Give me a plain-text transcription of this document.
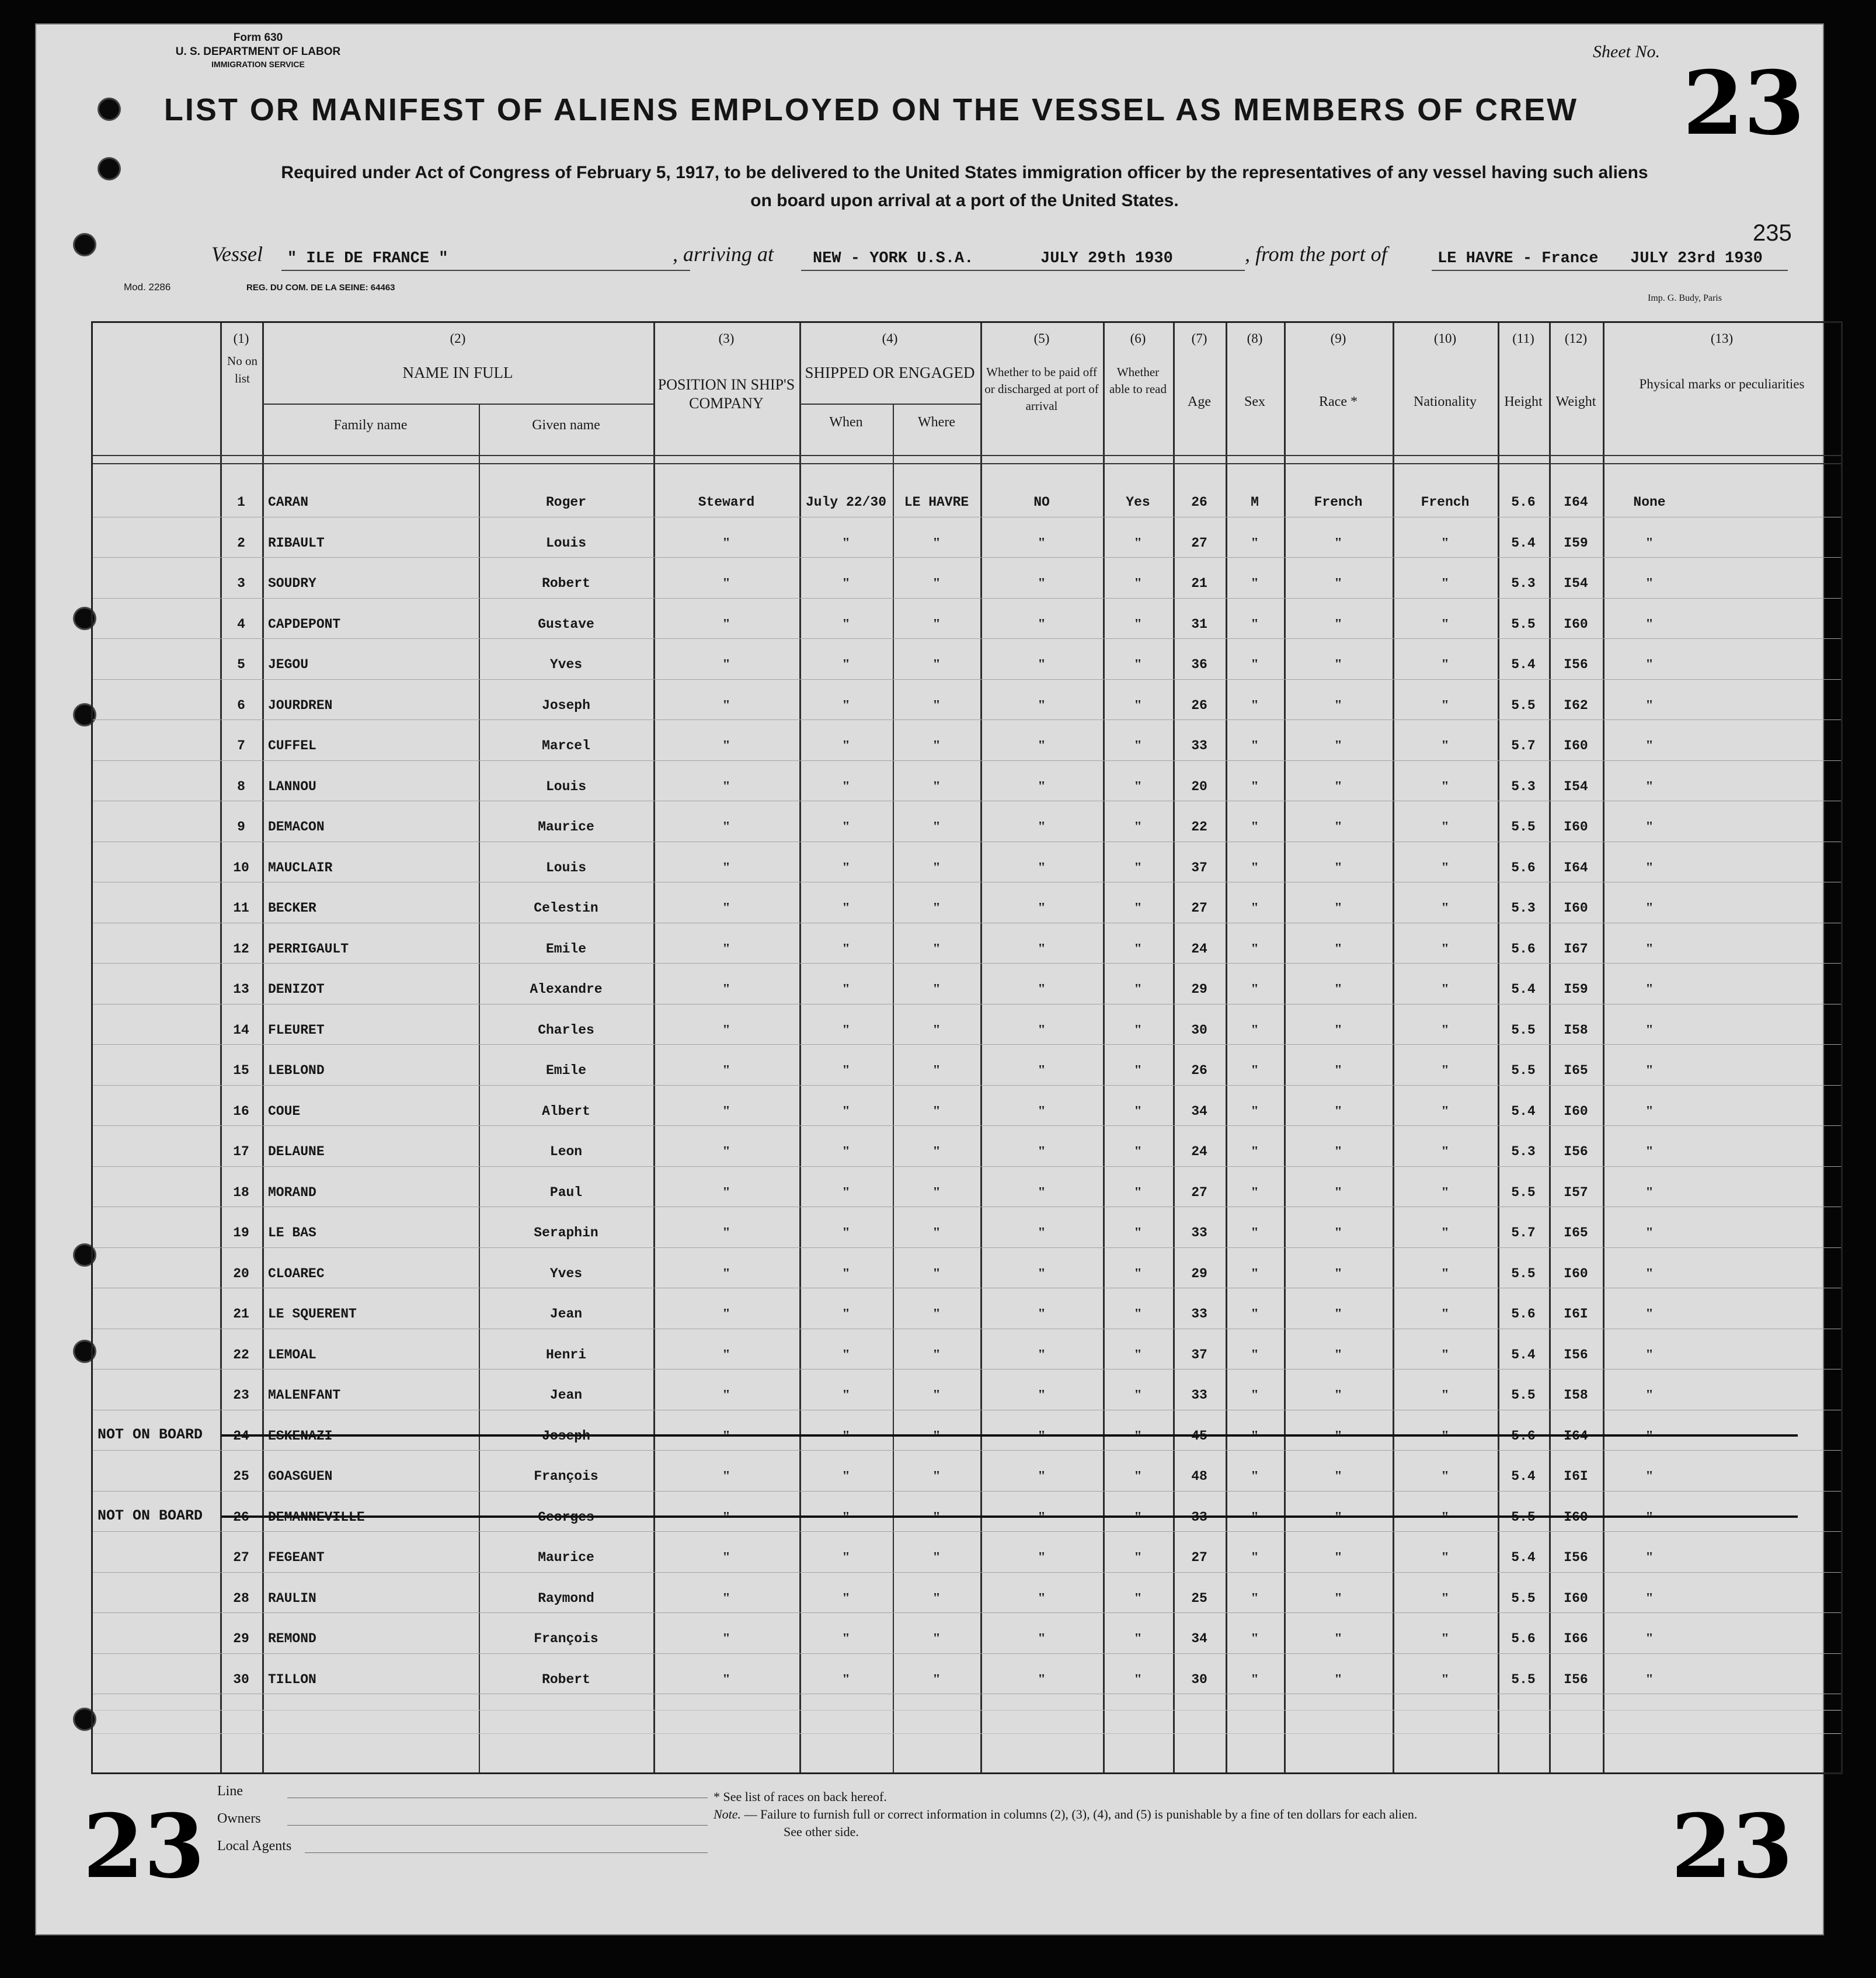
Form 630
U. S. DEPARTMENT OF LABOR
IMMIGRATION SERVICE
Sheet No.
23
235
LIST OR MANIFEST OF ALIENS EMPLOYED ON THE VESSEL AS MEMBERS OF CREW
Required under Act of Congress of February 5, 1917, to be delivered to the United States immigration officer by the representatives of any vessel having such aliens
on board upon arrival at a port of the United States.
Vessel " ILE DE FRANCE "	, arriving at NEW - YORK U.S.A.	JULY 29th 1930	, from the port of	LE HAVRE - France JULY 23rd 1930
Mod. 2286	REG. DU COM. DE LA SEINE: 64463
Imp. G. Budy, Paris
(1)	(2)	(3)	(4)	(5)	(6)	(7)	(8)	(9)	(10)	(11)	(12)	(13)
No on list	NAME IN FULL
Family name	Given name
POSITION IN SHIP'S COMPANY
SHIPPED OR ENGAGED
When	Where
Whether to be paid off or discharged at port of arrival
Whether able to read
Age	Sex	Race *	Nationality	Height Weight
Physical marks or peculiarities
1	CARAN	Roger	Steward	July 22/30	LE HAVRE	NO	Yes	26	M	French	French	5.6	I64	None
2	RIBAULT	Louis	"	"	"	"	"	27	"	"	"	5.4	I59	"
3	SOUDRY	Robert	"	"	"	"	"	21	"	"	"	5.3	I54	"
4	CAPDEPONT	Gustave	"	"	"	"	"	31	"	"	"	5.5	I60	"
5	JEGOU	Yves	"	"	"	"	"	36	"	"	"	5.4	I56	"
6	JOURDREN	Joseph	"	"	"	"	"	26	"	"	"	5.5	I62	"
7	CUFFEL	Marcel	"	"	"	"	"	33	"	"	"	5.7	I60	"
8	LANNOU	Louis	"	"	"	"	"	20	"	"	"	5.3	I54	"
9	DEMACON	Maurice	"	"	"	"	"	22	"	"	"	5.5	I60	"
10	MAUCLAIR	Louis	"	"	"	"	"	37	"	"	"	5.6	I64	"
11	BECKER	Celestin	"	"	"	"	"	27	"	"	"	5.3	I60	"
12	PERRIGAULT	Emile	"	"	"	"	"	24	"	"	"	5.6	I67	"
13	DENIZOT	Alexandre	"	"	"	"	"	29	"	"	"	5.4	I59	"
14	FLEURET	Charles	"	"	"	"	"	30	"	"	"	5.5	I58	"
15	LEBLOND	Emile	"	"	"	"	"	26	"	"	"	5.5	I65	"
16	COUE	Albert	"	"	"	"	"	34	"	"	"	5.4	I60	"
17	DELAUNE	Leon	"	"	"	"	"	24	"	"	"	5.3	I56	"
18	MORAND	Paul	"	"	"	"	"	27	"	"	"	5.5	I57	"
19	LE BAS	Seraphin	"	"	"	"	"	33	"	"	"	5.7	I65	"
20	CLOAREC	Yves	"	"	"	"	"	29	"	"	"	5.5	I60	"
21	LE SQUERENT	Jean	"	"	"	"	"	33	"	"	"	5.6	I6I	"
22	LEMOAL	Henri	"	"	"	"	"	37	"	"	"	5.4	I56	"
23	MALENFANT	Jean	"	"	"	"	"	33	"	"	"	5.5	I58	"
24	ESKENAZI	Joseph	"	"	"	"	"	45	"	"	"	5.6	I64	"
NOT ON BOARD
25	GOASGUEN	François	"	"	"	"	"	48	"	"	"	5.4	I6I	"
26	DEMANNEVILLE	Georges	"	"	"	"	"	33	"	"	"	5.5	I60	"
NOT ON BOARD
27	FEGEANT	Maurice	"	"	"	"	"	27	"	"	"	5.4	I56	"
28	RAULIN	Raymond	"	"	"	"	"	25	"	"	"	5.5	I60	"
29	REMOND	François	"	"	"	"	"	34	"	"	"	5.6	I66	"
30	TILLON	Robert	"	"	"	"	"	30	"	"	"	5.5	I56	"
23	23
Line
Owners
Local Agents
* See list of races on back hereof.
Note. — Failure to furnish full or correct information in columns (2), (3), (4), and (5) is punishable by a fine of ten dollars for each alien.
See other side.
